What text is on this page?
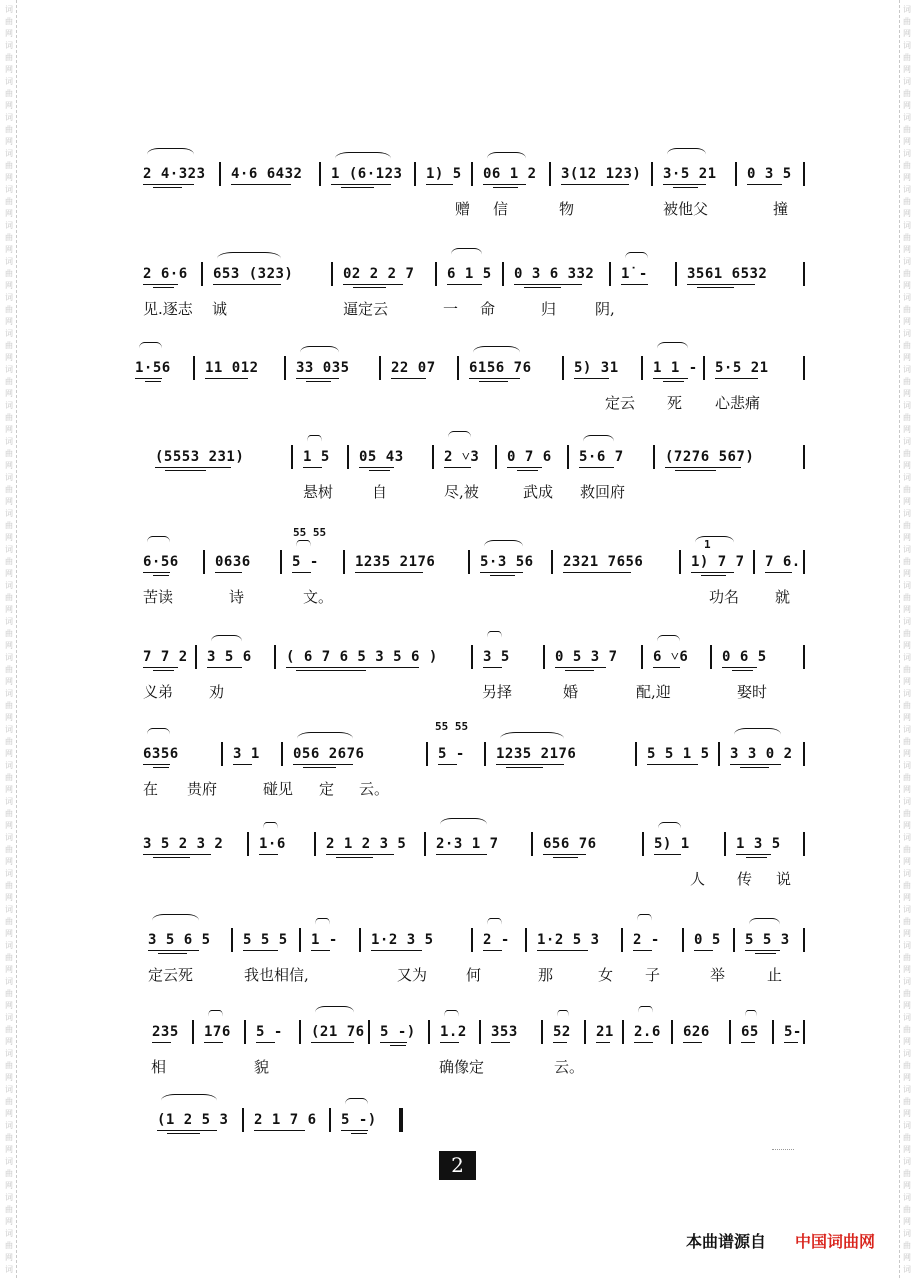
词
曲
网
词
曲
网
词
曲
网
词
曲
网
词
曲
网
词
曲
网
词
曲
网
词
曲
网
词
曲
网
词
曲
网
词
曲
网
词
曲
网
词
曲
网
词
曲
网
词
曲
网
词
曲
网
词
曲
网
词
曲
网
词
曲
网
词
曲
网
词
曲
网
词
曲
网
词
曲
网
词
曲
网
词
曲
网
词
曲
网
词
曲
网
词
曲
网
词
曲
网
词
曲
网
词
曲
网
词
曲
网
词
曲
网
词
曲
网
词
曲
网
词
词
曲
网
词
曲
网
词
曲
网
词
曲
网
词
曲
网
词
曲
网
词
曲
网
词
曲
网
词
曲
网
词
曲
网
词
曲
网
词
曲
网
词
曲
网
词
曲
网
词
曲
网
词
曲
网
词
曲
网
词
曲
网
词
曲
网
词
曲
网
词
曲
网
词
曲
网
词
曲
网
词
曲
网
词
曲
网
词
曲
网
词
曲
网
词
曲
网
词
曲
网
词
曲
网
词
曲
网
词
曲
网
词
曲
网
词
曲
网
词
曲
网
词
2 4·323 4·6 6432 1 (6·123 1) 5 06 1 2 3(12 123) 3·5 21 0 3 5
赠 信	物	被他父	撞
2 6·6 653 (323)	02 2 2 7 6 1 5 0 3 6 332 1̇ -	3561 6532
见.逐志 诚	逼定云	一 命	归	阴,
1·56 11 012	33 035	22 07 6156 76	5) 31 1 1 - 5·5 21
定云 死 心悲痛
(5553 231)	1 5 05 43	2 ˅3 0 7 6 5·6 7	(7276 567)
悬树	自	尽,被	武成 救回府
6·56	0636	5 -	1235 2176	5·3 56 2321 7656	1) 7 7 7 6.
55 55
1
苦读	诗	文。	功名 就
7 7 2 3 5 6 ( 6 7 6 5 3 5 6 )	3 5	0 5 3 7	6 ˅6 0 6 5
义弟 劝	另择	婚	配,迎	娶时
6356	3 1 056 2676	5 - 1235 2176	5 5 1 5 3 3 0 2
55 55
在 贵府	碰见 定 云。
3 5 2 3 2	1·6	2 1 2 3 5 2·3 1 7	656 76	5) 1	1 3 5
人 传 说
3 5 6 5 5 5 5 1 - 1·2 3 5	2 - 1·2 5 3 2 - 0 5 5 5 3
定云死	我也相信,	又为	何	那	女 子	举	止
235 176 5 - (21 76 5 -) 1.2 353	52 21 2.6 626 65 5-
相	貌	确像定	云。
(1 2 5 3 2 1 7 6 5 -)
2
本曲谱源自 中国词曲网
